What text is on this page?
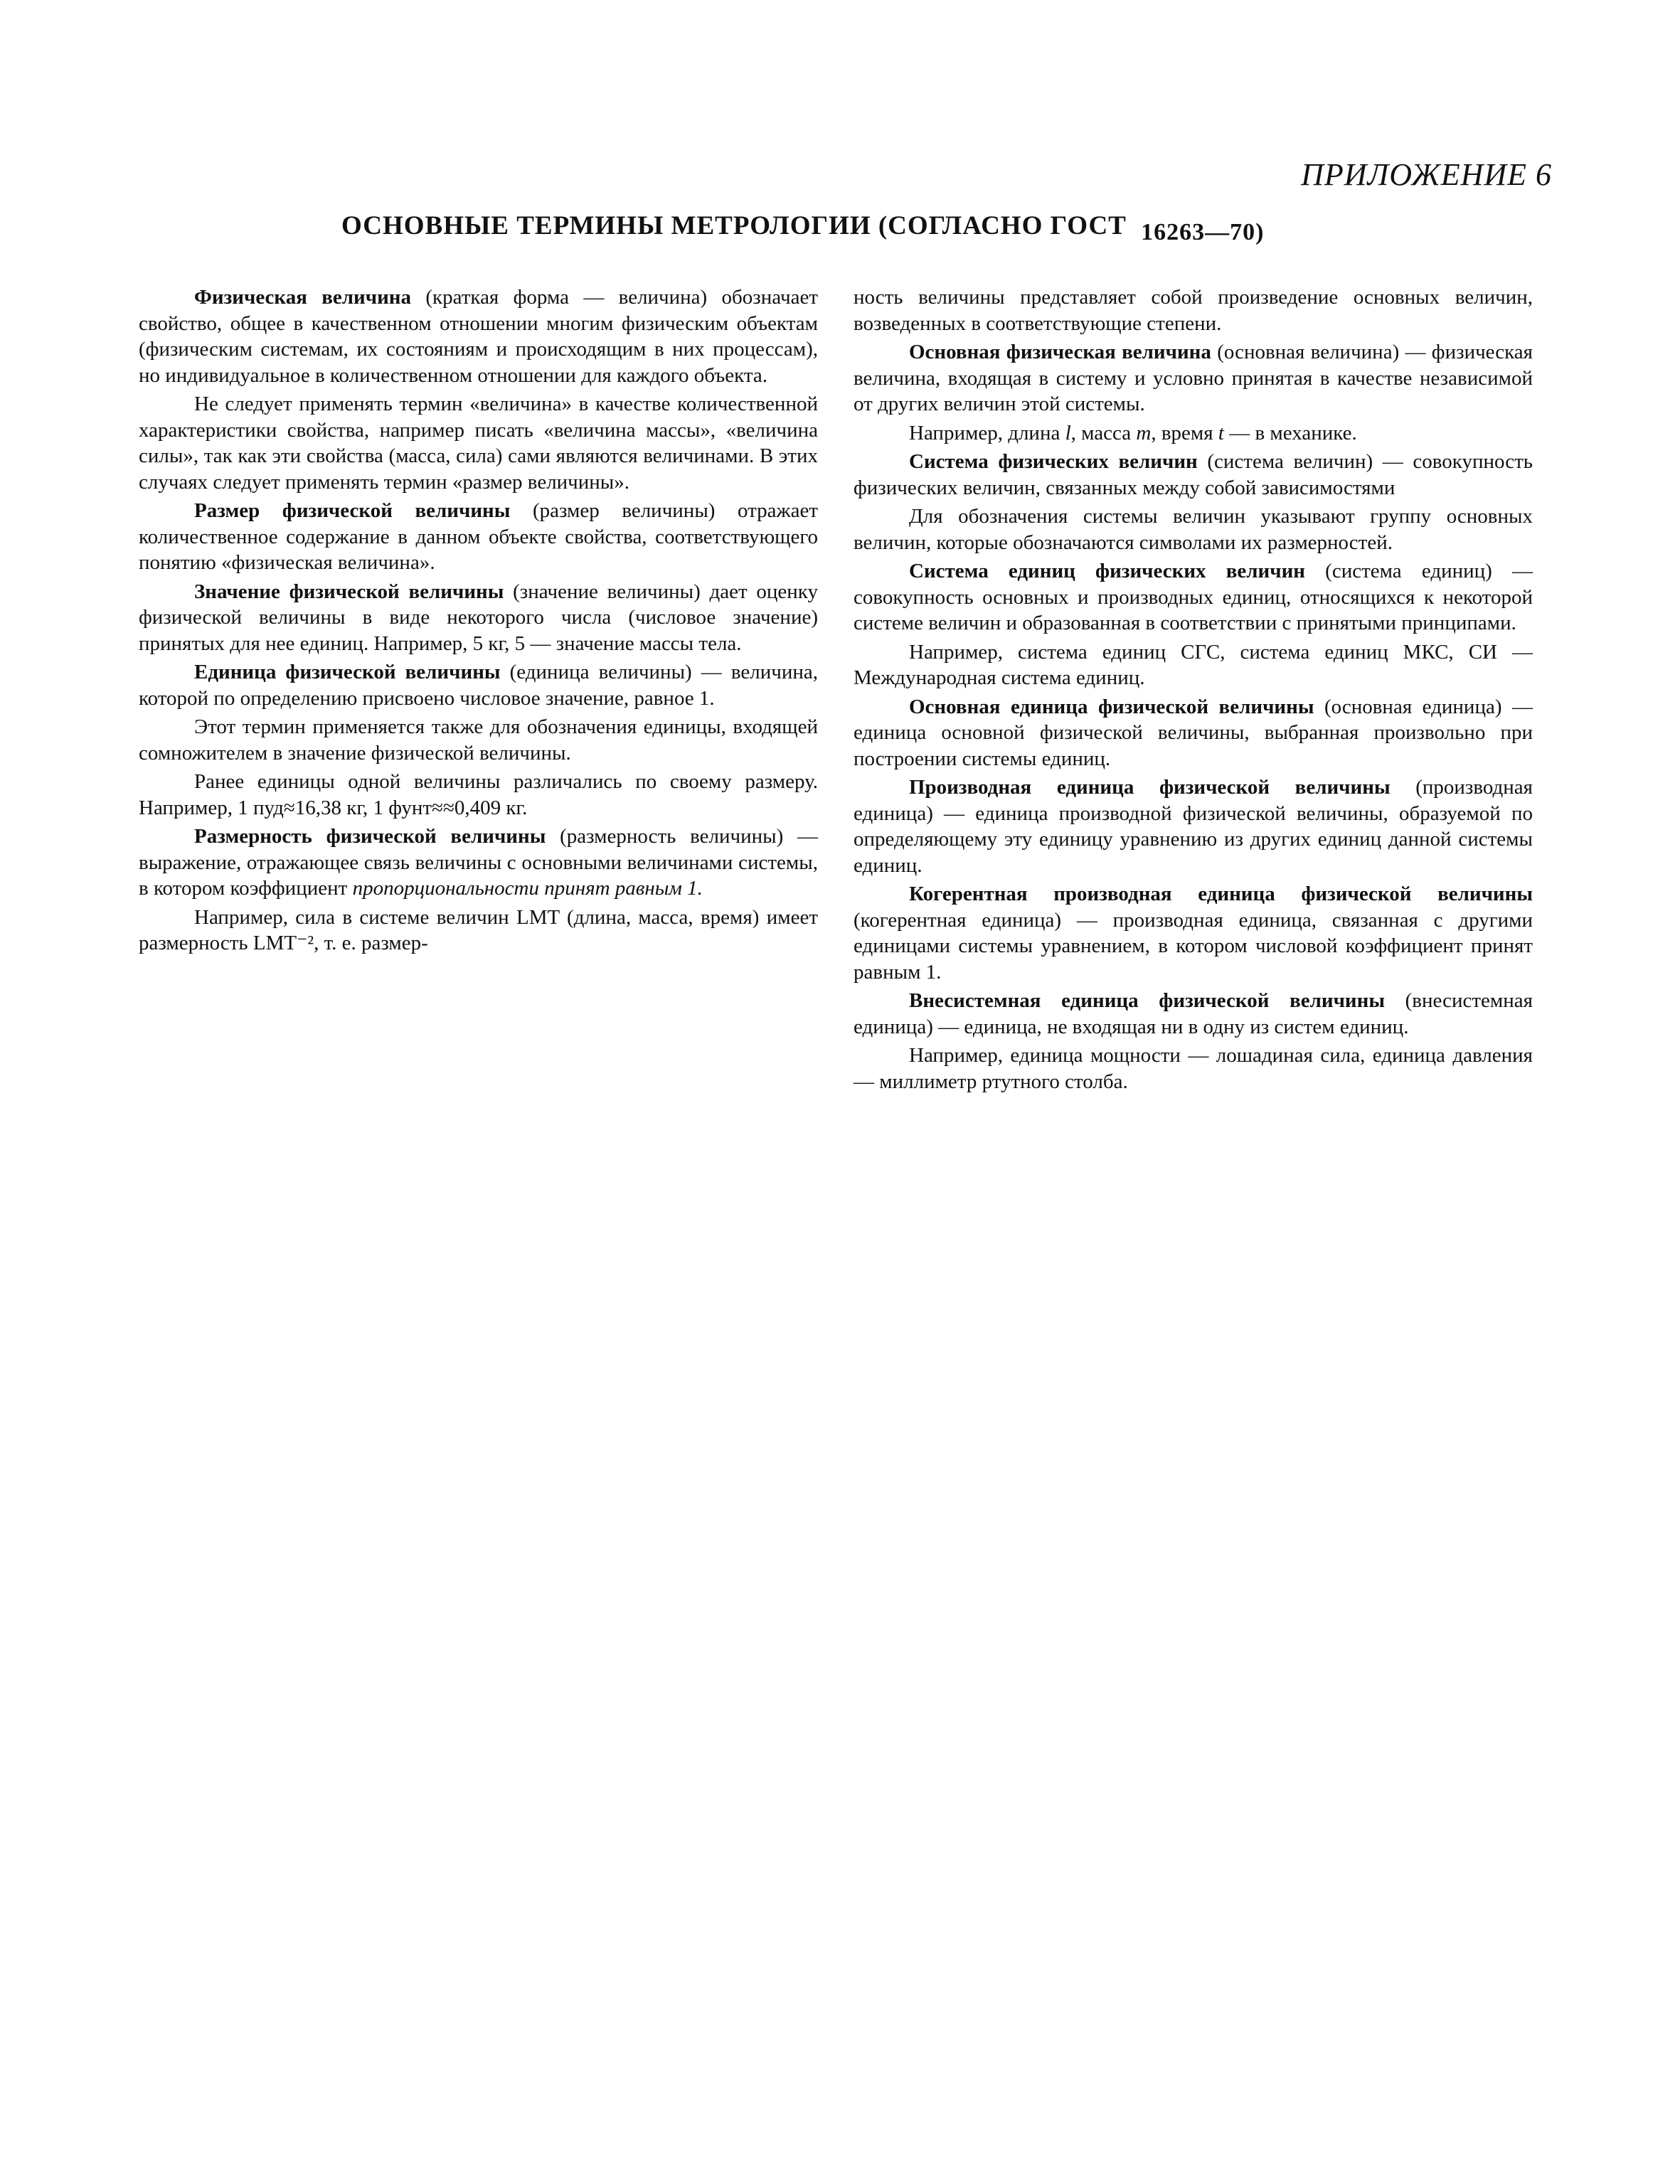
ПРИЛОЖЕНИЕ 6
ОСНОВНЫЕ ТЕРМИНЫ МЕТРОЛОГИИ (СОГЛАСНО ГОСТ 16263—70)

Физическая величина (краткая форма — величина) обозначает свойство, общее в качественном отношении многим физическим объектам (физическим системам, их состояниям и происходящим в них процессам), но индивидуальное в количественном отношении для каждого объекта.

Не следует применять термин «величина» в качестве количественной характеристики свойства, например писать «величина массы», «величина силы», так как эти свойства (масса, сила) сами являются величинами. В этих случаях следует применять термин «размер величины».

Размер физической величины (размер величины) отражает количественное содержание в данном объекте свойства, соответствующего понятию «физическая величина».

Значение физической величины (значение величины) дает оценку физической величины в виде некоторого числа (числовое значение) принятых для нее единиц. Например, 5 кг, 5 — значение массы тела.

Единица физической величины (единица величины) — величина, которой по определению присвоено числовое значение, равное 1.

Этот термин применяется также для обозначения единицы, входящей сомножителем в значение физической величины.

Ранее единицы одной величины различались по своему размеру. Например, 1 пуд≈16,38 кг, 1 фунт≈≈0,409 кг.

Размерность физической величины (размерность величины) — выражение, отражающее связь величины с основными величинами системы, в котором коэффициент пропорциональности принят равным 1.

Например, сила в системе величин LMT (длина, масса, время) имеет размерность LMT⁻², т. е. размер-

ность величины представляет собой произведение основных величин, возведенных в соответствующие степени.

Основная физическая величина (основная величина) — физическая величина, входящая в систему и условно принятая в качестве независимой от других величин этой системы.

Например, длина l, масса m, время t — в механике.

Система физических величин (система величин) — совокупность физических величин, связанных между собой зависимостями

Для обозначения системы величин указывают группу основных величин, которые обозначаются символами их размерностей.

Система единиц физических величин (система единиц) — совокупность основных и производных единиц, относящихся к некоторой системе величин и образованная в соответствии с принятыми принципами.

Например, система единиц СГС, система единиц МКС, СИ — Международная система единиц.

Основная единица физической величины (основная единица) — единица основной физической величины, выбранная произвольно при построении системы единиц.

Производная единица физической величины (производная единица) — единица производной физической величины, образуемой по определяющему эту единицу уравнению из других единиц данной системы единиц.

Когерентная производная единица физической величины (когерентная единица) — производная единица, связанная с другими единицами системы уравнением, в котором числовой коэффициент принят равным 1.

Внесистемная единица физической величины (внесистемная единица) — единица, не входящая ни в одну из систем единиц.

Например, единица мощности — лошадиная сила, единица давления — миллиметр ртутного столба.
